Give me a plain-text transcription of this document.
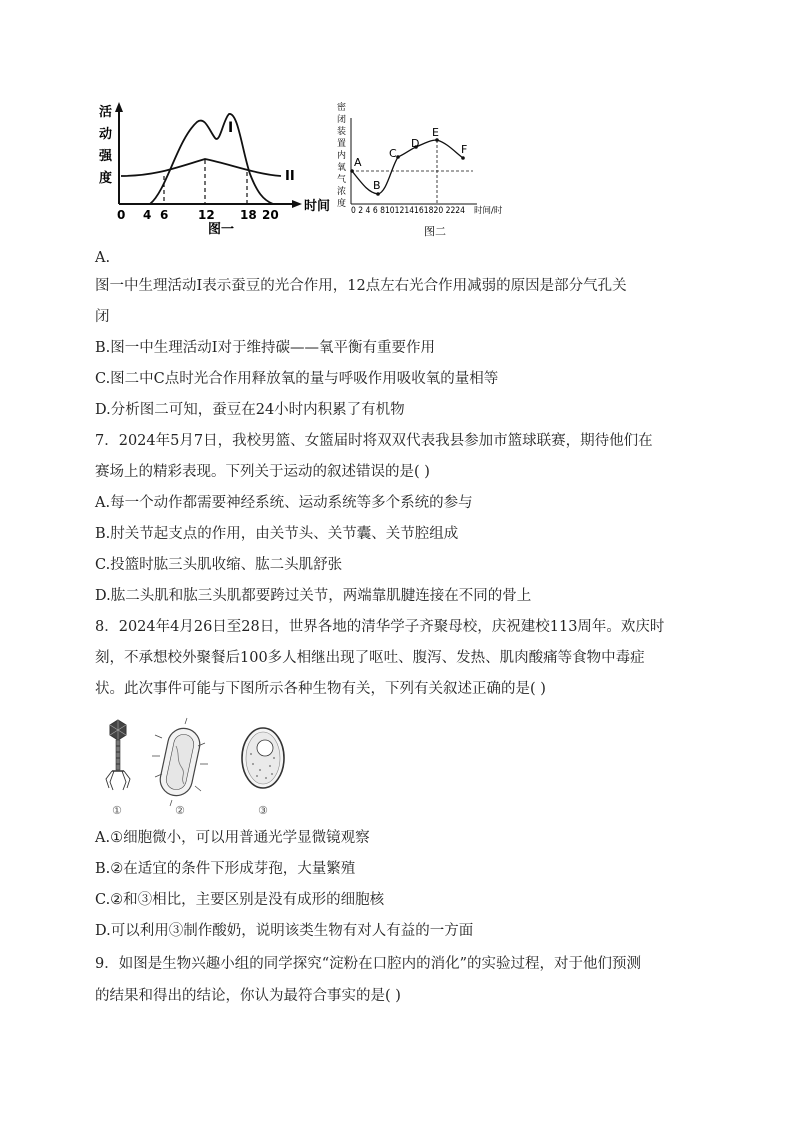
活
动
强
度
时间
I
II
0 4 6 12 18 20
图一
密
闭
装
置
内
氧
气
浓
度
A
B
C
D
E
F
0 2 4 6 8101214161820 2224 时间/时
图二
A.
图一中生理活动Ⅰ表示蚕豆的光合作用，12点左右光合作用减弱的原因是部分气孔关
闭
B.图一中生理活动Ⅰ对于维持碳——氧平衡有重要作用
C.图二中C点时光合作用释放氧的量与呼吸作用吸收氧的量相等
D.分析图二可知，蚕豆在24小时内积累了有机物
7．2024年5月7日，我校男篮、女篮届时将双双代表我县参加市篮球联赛，期待他们在
赛场上的精彩表现。下列关于运动的叙述错误的是( )
A.每一个动作都需要神经系统、运动系统等多个系统的参与
B.肘关节起支点的作用，由关节头、关节囊、关节腔组成
C.投篮时肱三头肌收缩、肱二头肌舒张
D.肱二头肌和肱三头肌都要跨过关节，两端靠肌腱连接在不同的骨上
8．2024年4月26日至28日，世界各地的清华学子齐聚母校，庆祝建校113周年。欢庆时
刻，不承想校外聚餐后100多人相继出现了呕吐、腹泻、发热、肌肉酸痛等食物中毒症
状。此次事件可能与下图所示各种生物有关，下列有关叙述正确的是( )
①	②	③
A.①细胞微小，可以用普通光学显微镜观察
B.②在适宜的条件下形成芽孢，大量繁殖
C.②和③相比，主要区别是没有成形的细胞核
D.可以利用③制作酸奶，说明该类生物有对人有益的一方面
9．如图是生物兴趣小组的同学探究“淀粉在口腔内的消化”的实验过程，对于他们预测
的结果和得出的结论，你认为最符合事实的是( )
